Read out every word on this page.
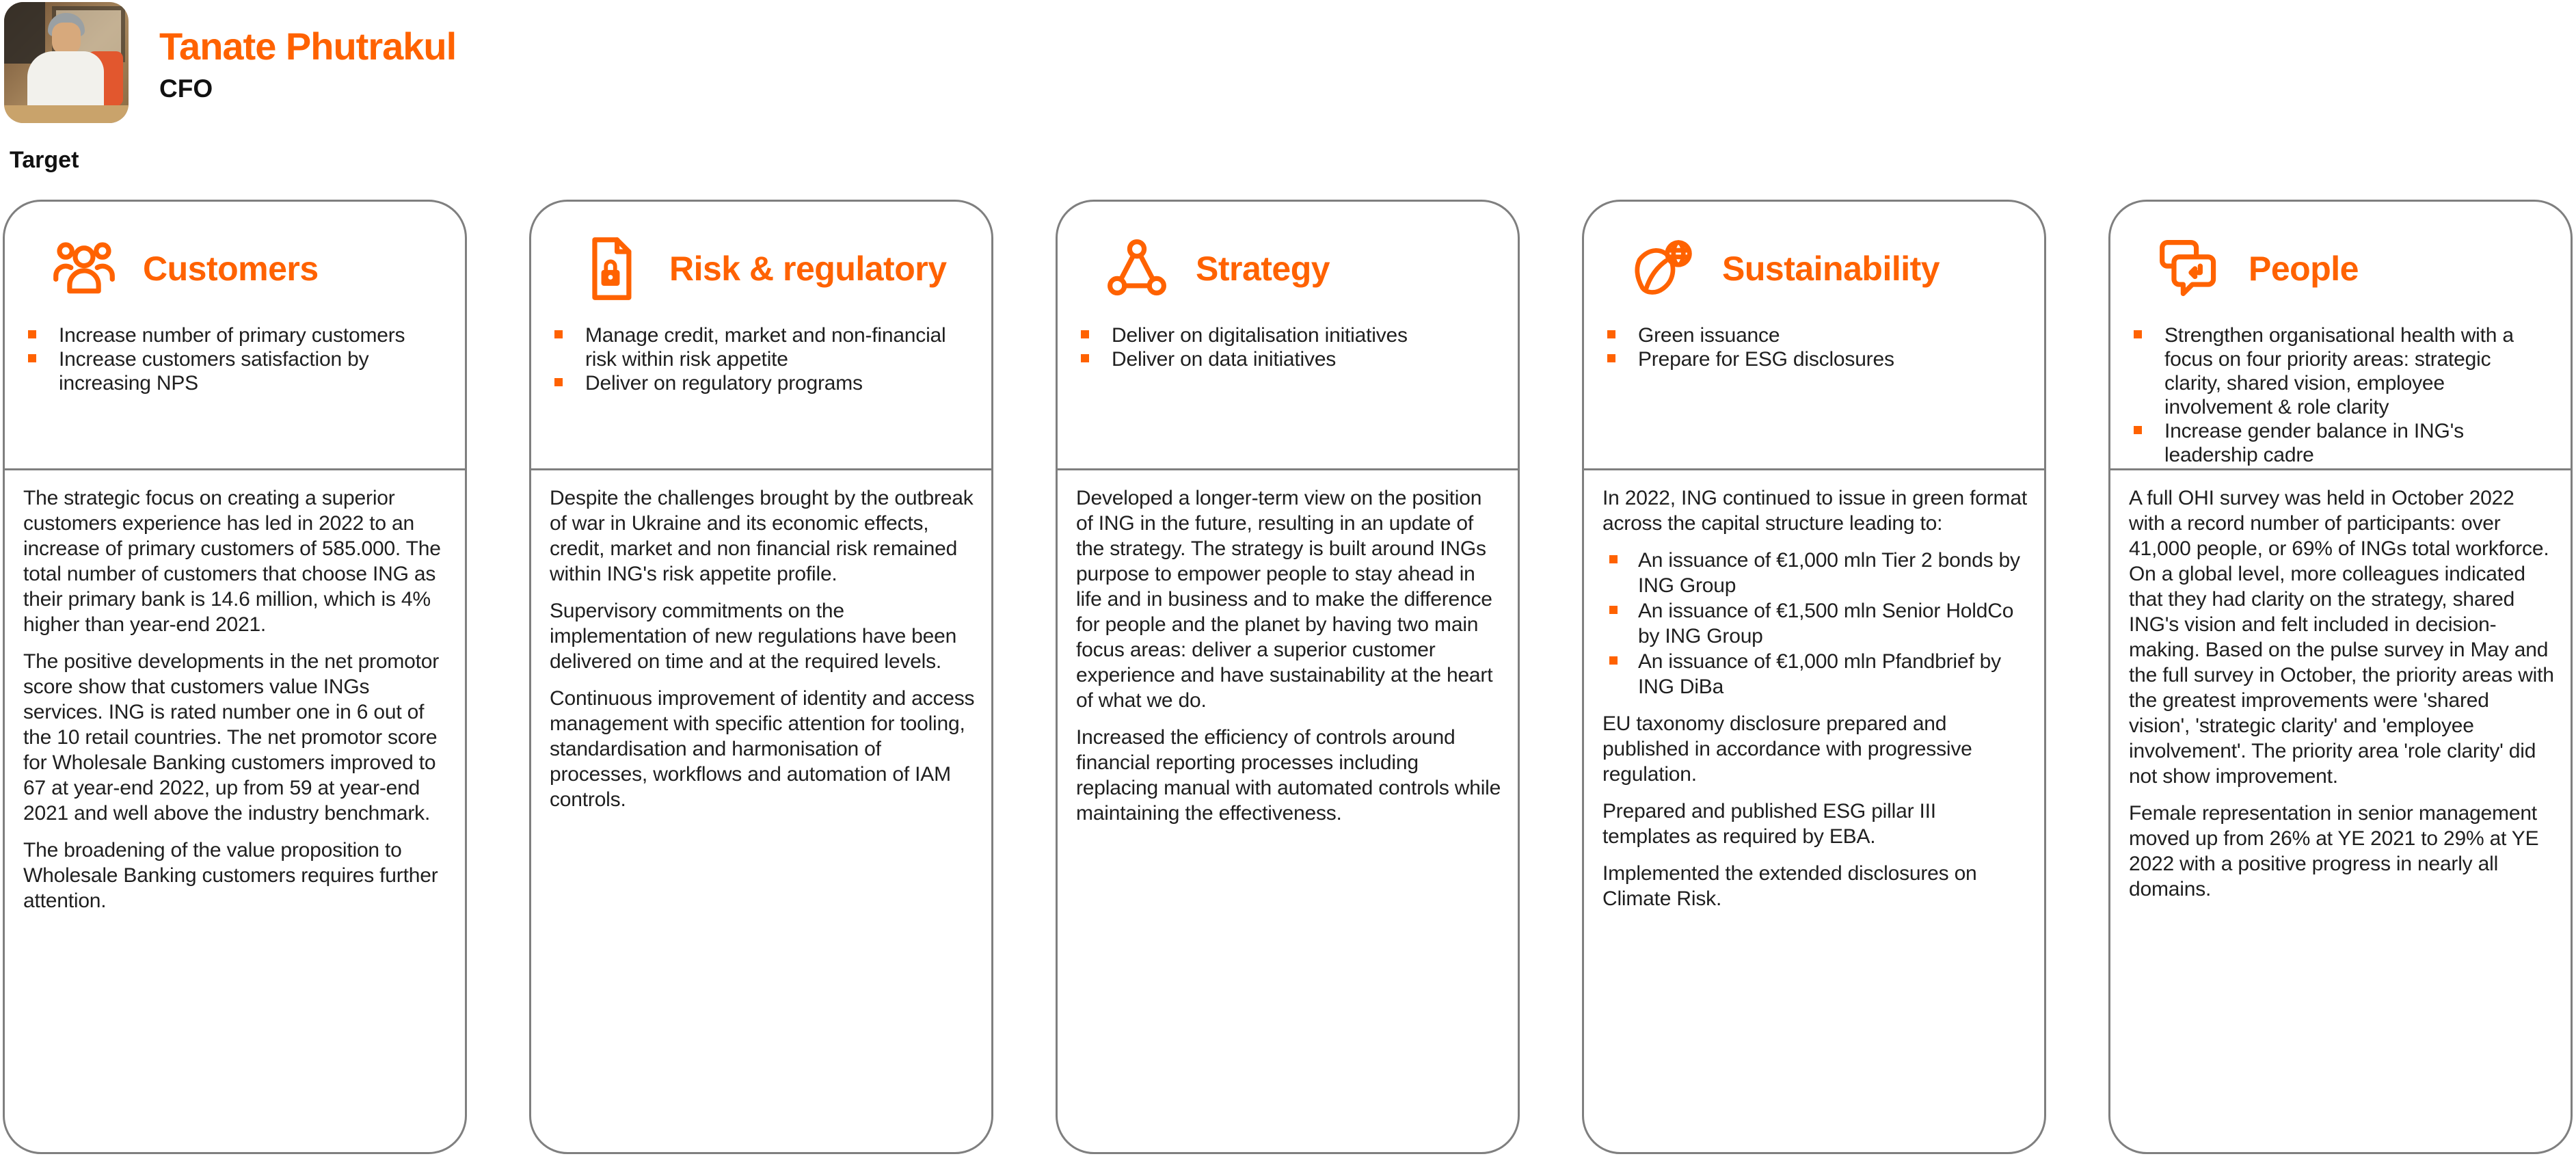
Tanate Phutrakul
CFO
Target
Customers
Increase number of primary customers
Increase customers satisfaction by increasing NPS

The strategic focus on creating a superior customers experience has led in 2022 to an increase of primary customers of 585.000. The total number of customers that choose ING as their primary bank is 14.6 million, which is 4% higher than year-end 2021.

The positive developments in the net promotor score show that customers value INGs services. ING is rated number one in 6 out of the 10 retail countries. The net promotor score for Wholesale Banking customers improved to 67 at year-end 2022, up from 59 at year-end 2021 and well above the industry benchmark.

The broadening of the value proposition to Wholesale Banking customers requires further attention.

Risk & regulatory
Manage credit, market and non-financial risk within risk appetite
Deliver on regulatory programs

Despite the challenges brought by the outbreak of war in Ukraine and its economic effects, credit, market and non financial risk remained within ING's risk appetite profile.

Supervisory commitments on the implementation of new regulations have been delivered on time and at the required levels.

Continuous improvement of identity and access management with specific attention for tooling, standardisation and harmonisation of processes, workflows and automation of IAM controls.

Strategy
Deliver on digitalisation initiatives
Deliver on data initiatives

Developed a longer-term view on the position of ING in the future, resulting in an update of the strategy. The strategy is built around INGs purpose to empower people to stay ahead in life and in business and to make the difference for people and the planet by having two main focus areas: deliver a superior customer experience and have sustainability at the heart of what we do.

Increased the efficiency of controls around financial reporting processes including replacing manual with automated controls while maintaining the effectiveness.

Sustainability
Green issuance
Prepare for ESG disclosures

In 2022, ING continued to issue in green format across the capital structure leading to:

An issuance of €1,000 mln Tier 2 bonds by ING Group
An issuance of €1,500 mln Senior HoldCo by ING Group
An issuance of €1,000 mln Pfandbrief by ING DiBa

EU taxonomy disclosure prepared and published in accordance with progressive regulation.

Prepared and published ESG pillar III templates as required by EBA.

Implemented the extended disclosures on Climate Risk.

People
Strengthen organisational health with a focus on four priority areas: strategic clarity, shared vision, employee involvement & role clarity
Increase gender balance in ING's leadership cadre

A full OHI survey was held in October 2022 with a record number of participants: over 41,000 people, or 69% of INGs total workforce. On a global level, more colleagues indicated that they had clarity on the strategy, shared ING's vision and felt included in decision-making. Based on the pulse survey in May and the full survey in October, the priority areas with the greatest improvements were 'shared vision', 'strategic clarity' and 'employee involvement'. The priority area 'role clarity' did not show improvement.

Female representation in senior management moved up from 26% at YE 2021 to 29% at YE 2022 with a positive progress in nearly all domains.
